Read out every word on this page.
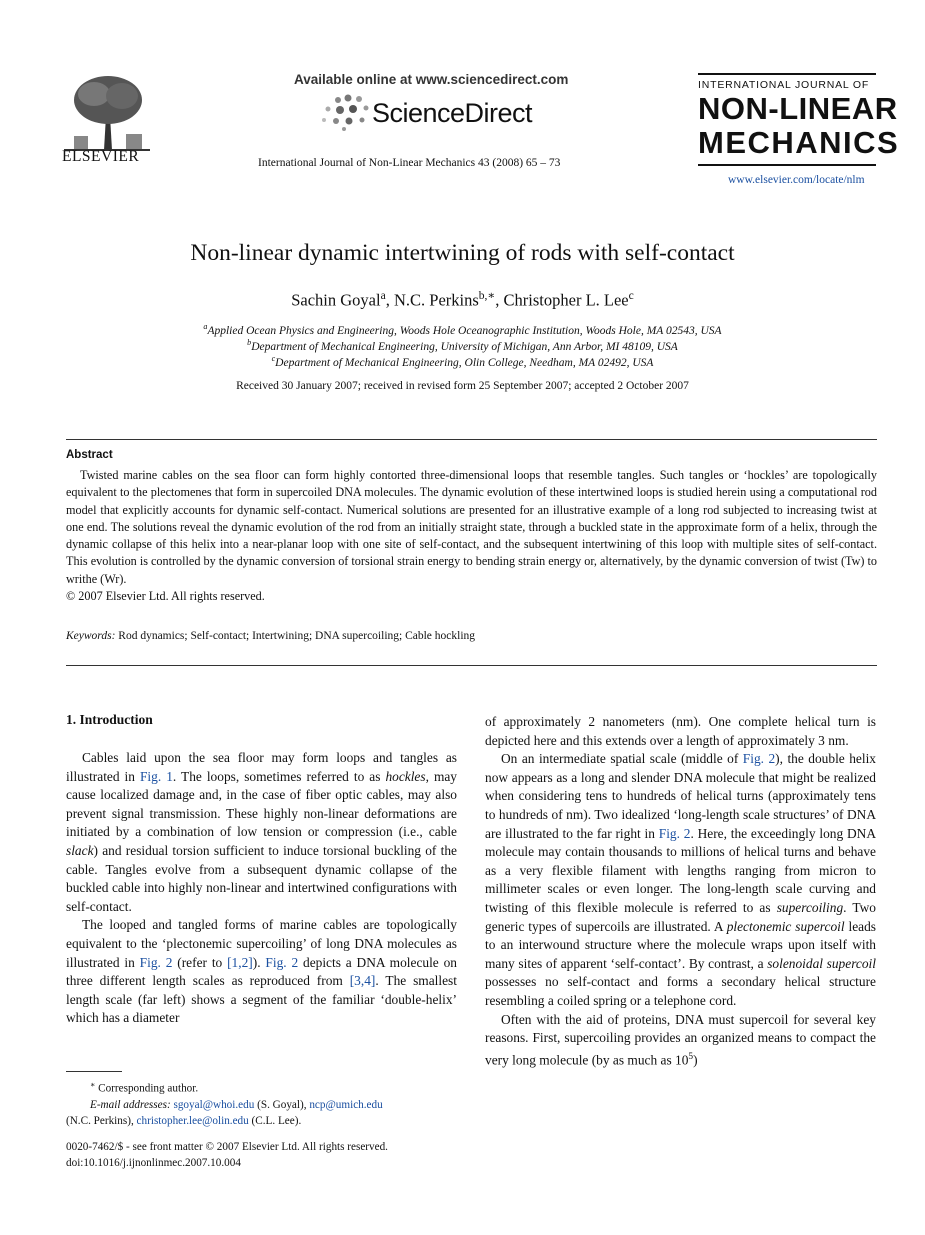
ELSEVIER
Available online at www.sciencedirect.com
ScienceDirect
International Journal of Non-Linear Mechanics 43 (2008) 65 – 73
INTERNATIONAL JOURNAL OF
NON-LINEAR
MECHANICS
www.elsevier.com/locate/nlm
Non-linear dynamic intertwining of rods with self-contact
Sachin Goyal$^a$, N.C. Perkins$^{b,∗}$, Christopher L. Lee$^c$
$^a$Applied Ocean Physics and Engineering, Woods Hole Oceanographic Institution, Woods Hole, MA 02543, USA
$^b$Department of Mechanical Engineering, University of Michigan, Ann Arbor, MI 48109, USA
$^c$Department of Mechanical Engineering, Olin College, Needham, MA 02492, USA
Received 30 January 2007; received in revised form 25 September 2007; accepted 2 October 2007
Abstract
Twisted marine cables on the sea floor can form highly contorted three-dimensional loops that resemble tangles. Such tangles or ‘hockles’ are topologically equivalent to the plectomenes that form in supercoiled DNA molecules. The dynamic evolution of these intertwined loops is studied herein using a computational rod model that explicitly accounts for dynamic self-contact. Numerical solutions are presented for an illustrative example of a long rod subjected to increasing twist at one end. The solutions reveal the dynamic evolution of the rod from an initially straight state, through a buckled state in the approximate form of a helix, through the dynamic collapse of this helix into a near-planar loop with one site of self-contact, and the subsequent intertwining of this loop with multiple sites of self-contact. This evolution is controlled by the dynamic conversion of torsional strain energy to bending strain energy or, alternatively, by the dynamic conversion of twist (Tw) to writhe (Wr).
© 2007 Elsevier Ltd. All rights reserved.
Keywords: Rod dynamics; Self-contact; Intertwining; DNA supercoiling; Cable hockling
1. Introduction

Cables laid upon the sea floor may form loops and tangles as illustrated in Fig. 1. The loops, sometimes referred to as hockles, may cause localized damage and, in the case of fiber optic cables, may also prevent signal transmission. These highly non-linear deformations are initiated by a combination of low tension or compression (i.e., cable slack) and residual torsion sufficient to induce torsional buckling of the cable. Tangles evolve from a subsequent dynamic collapse of the buckled cable into highly non-linear and intertwined configurations with self-contact.

The looped and tangled forms of marine cables are topologically equivalent to the ‘plectonemic supercoiling’ of long DNA molecules as illustrated in Fig. 2 (refer to [1,2]). Fig. 2 depicts a DNA molecule on three different length scales as reproduced from [3,4]. The smallest length scale (far left) shows a segment of the familiar ‘double-helix’ which has a diameter

of approximately 2 nanometers (nm). One complete helical turn is depicted here and this extends over a length of approximately 3 nm.

On an intermediate spatial scale (middle of Fig. 2), the double helix now appears as a long and slender DNA molecule that might be realized when considering tens to hundreds of helical turns (approximately tens to hundreds of nm). Two idealized ‘long-length scale structures’ of DNA are illustrated to the far right in Fig. 2. Here, the exceedingly long DNA molecule may contain thousands to millions of helical turns and behave as a very flexible filament with lengths ranging from micron to millimeter scales or even longer. The long-length scale curving and twisting of this flexible molecule is referred to as supercoiling. Two generic types of supercoils are illustrated. A plectonemic supercoil leads to an interwound structure where the molecule wraps upon itself with many sites of apparent ‘self-contact’. By contrast, a solenoidal supercoil possesses no self-contact and forms a secondary helical structure resembling a coiled spring or a telephone cord.

Often with the aid of proteins, DNA must supercoil for several key reasons. First, supercoiling provides an organized means to compact the very long molecule (by as much as $10^5$)

∗ Corresponding author.
E-mail addresses: sgoyal@whoi.edu (S. Goyal), ncp@umich.edu
(N.C. Perkins), christopher.lee@olin.edu (C.L. Lee).
0020-7462/$ - see front matter © 2007 Elsevier Ltd. All rights reserved.
doi:10.1016/j.ijnonlinmec.2007.10.004
